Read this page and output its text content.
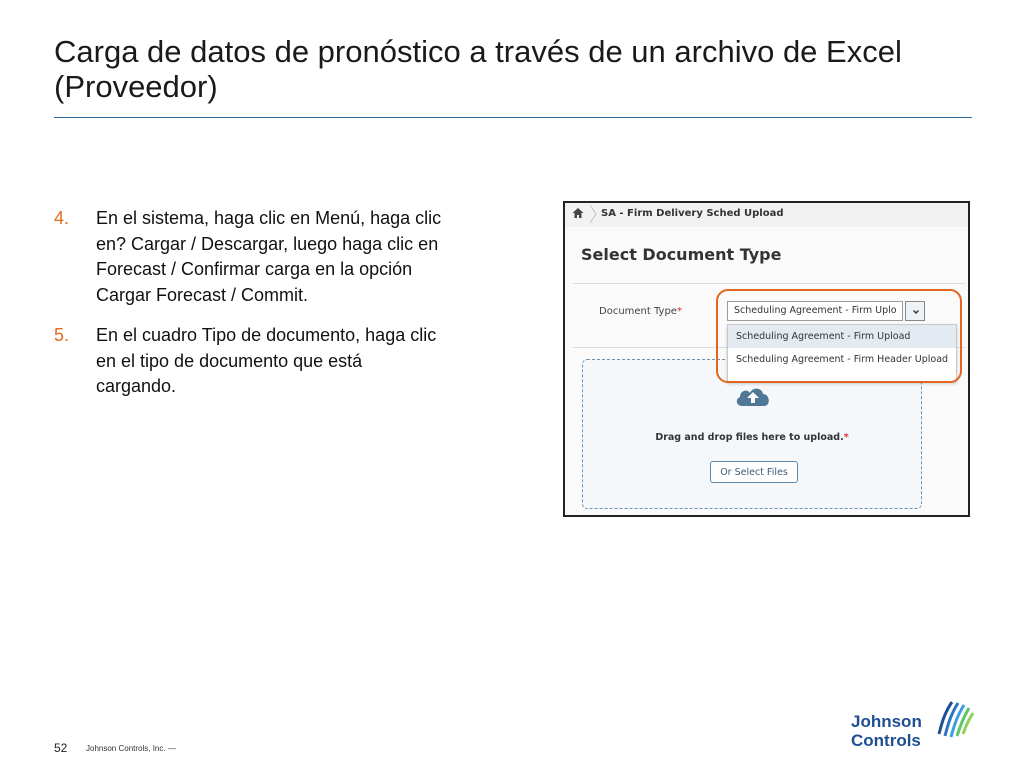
Carga de datos de pronóstico a través de un archivo de Excel (Proveedor)
4.	En el sistema, haga clic en Menú, haga clic en? Cargar / Descargar, luego haga clic en Forecast / Confirmar carga en la opción Cargar Forecast / Commit.
5.	En el cuadro Tipo de documento, haga clic en el tipo de documento que está cargando.
SA - Firm Delivery Sched Upload
Select Document Type
Document Type*	Scheduling Agreement - Firm Uplo
Drag and drop files here to upload.*
Or Select Files
Scheduling Agreement - Firm Upload
Scheduling Agreement - Firm Header Upload
52 Johnson Controls, Inc. —
Johnson
Controls
